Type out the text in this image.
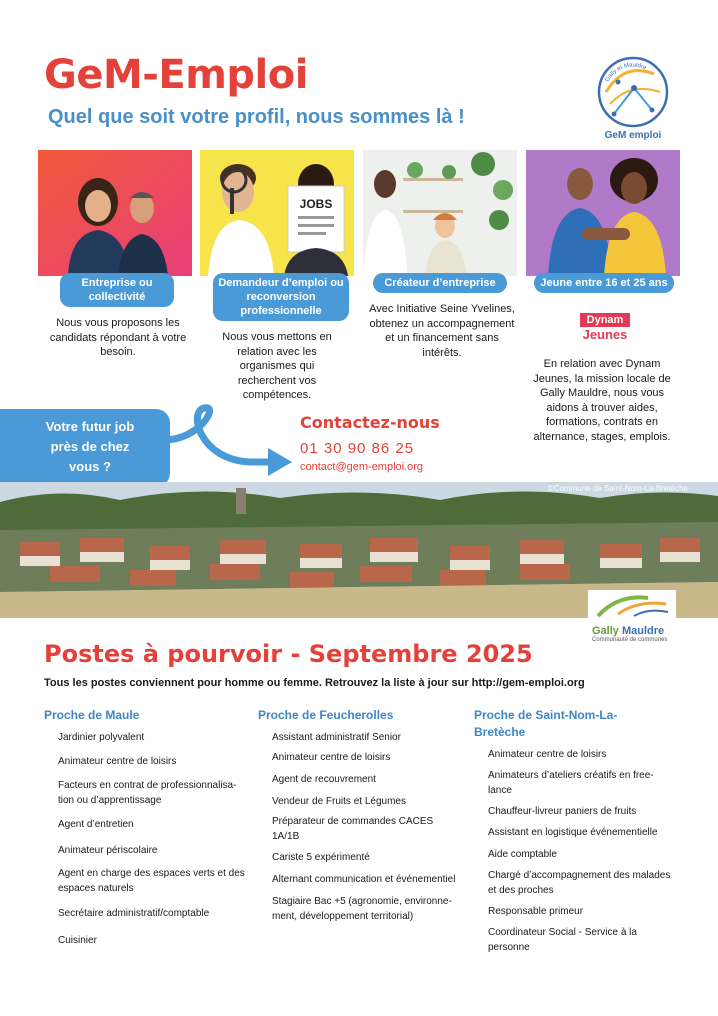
GeM-Emploi
Quel que soit votre profil, nous sommes là !
Gally et Mauldre
GeM emploi
JOBS
Entreprise ou collectivité
Demandeur d’emploi ou reconversion professionnelle
Créateur d’entreprise	Jeune entre 16 et 25 ans
Nous vous proposons les candidats répondant à votre besoin.
Nous vous mettons en relation avec les organismes qui recherchent vos compétences.
Avec Initiative Seine Yvelines, obtenez un accompagnement et un financement sans intérêts.
Dynam
Jeunes
En relation avec Dynam Jeunes, la mission locale de Gally Mauldre, nous vous aidons à trouver aides, formations, contrats en alternance, stages, emplois.
Votre futur job
près de chez
vous ?
Contactez-nous
01 30 90 86 25
contact@gem-emploi.org
©Commune de Saint-Nom-La-Bretèche
Gally Mauldre
Communauté de communes
Postes à pourvoir - Septembre 2025
Tous les postes conviennent pour homme ou femme. Retrouvez la liste à jour sur http://gem-emploi.org
Proche de Maule
Jardinier polyvalent
Animateur centre de loisirs
Facteurs en contrat de professionnalisa-tion ou d’apprentissage
Agent d’entretien
Animateur périscolaire
Agent en charge des espaces verts et des espaces naturels
Secrétaire administratif/comptable
Cuisinier
Proche de Feucherolles
Assistant administratif Senior
Animateur centre de loisirs
Agent de recouvrement
Vendeur de Fruits et Légumes
Préparateur de commandes CACES 1A/1B
Cariste 5 expérimenté
Alternant communication et événementiel
Stagiaire Bac +5 (agronomie, environne-ment, développement territorial)
Proche de Saint-Nom-La-Bretèche
Animateur centre de loisirs
Animateurs d’ateliers créatifs en free-lance
Chauffeur-livreur paniers de fruits
Assistant en logistique événementielle
Aide comptable
Chargé d’accompagnement des malades et des proches
Responsable primeur
Coordinateur Social - Service à la personne
